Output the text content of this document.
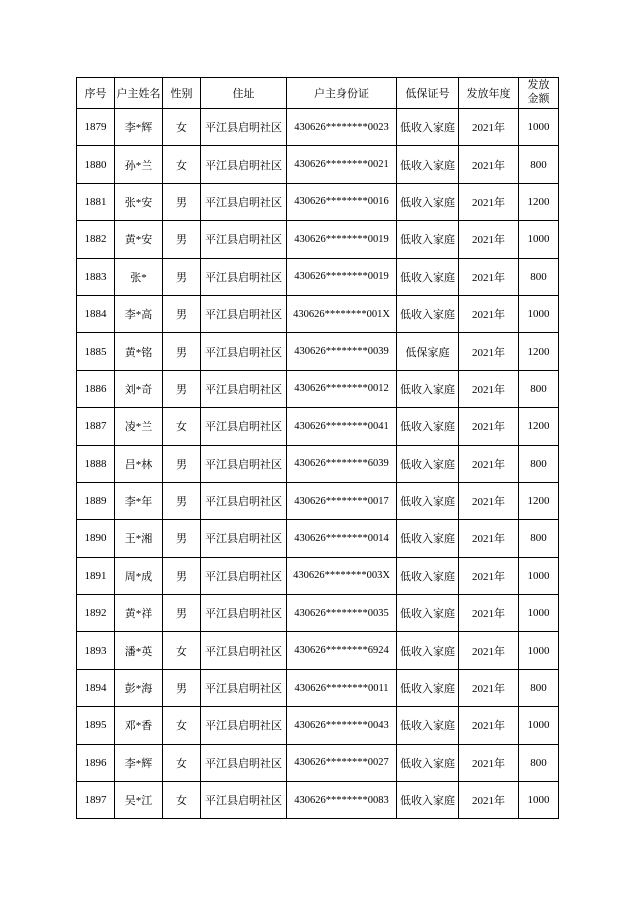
序号	户主姓名	性别	住址	户主身份证	低保证号	发放年度	发放金额
1879	李*辉	女	平江县启明社区	430626********0023	低收入家庭	2021年	1000
1880	孙*兰	女	平江县启明社区	430626********0021	低收入家庭	2021年	800
1881	张*安	男	平江县启明社区	430626********0016	低收入家庭	2021年	1200
1882	黄*安	男	平江县启明社区	430626********0019	低收入家庭	2021年	1000
1883	张*	男	平江县启明社区	430626********0019	低收入家庭	2021年	800
1884	李*高	男	平江县启明社区	430626********001X	低收入家庭	2021年	1000
1885	黄*铭	男	平江县启明社区	430626********0039	低保家庭	2021年	1200
1886	刘*奇	男	平江县启明社区	430626********0012	低收入家庭	2021年	800
1887	凌*兰	女	平江县启明社区	430626********0041	低收入家庭	2021年	1200
1888	吕*林	男	平江县启明社区	430626********6039	低收入家庭	2021年	800
1889	李*年	男	平江县启明社区	430626********0017	低收入家庭	2021年	1200
1890	王*湘	男	平江县启明社区	430626********0014	低收入家庭	2021年	800
1891	周*成	男	平江县启明社区	430626********003X	低收入家庭	2021年	1000
1892	黄*祥	男	平江县启明社区	430626********0035	低收入家庭	2021年	1000
1893	潘*英	女	平江县启明社区	430626********6924	低收入家庭	2021年	1000
1894	彭*海	男	平江县启明社区	430626********0011	低收入家庭	2021年	800
1895	邓*香	女	平江县启明社区	430626********0043	低收入家庭	2021年	1000
1896	李*辉	女	平江县启明社区	430626********0027	低收入家庭	2021年	800
1897	吴*江	女	平江县启明社区	430626********0083	低收入家庭	2021年	1000
